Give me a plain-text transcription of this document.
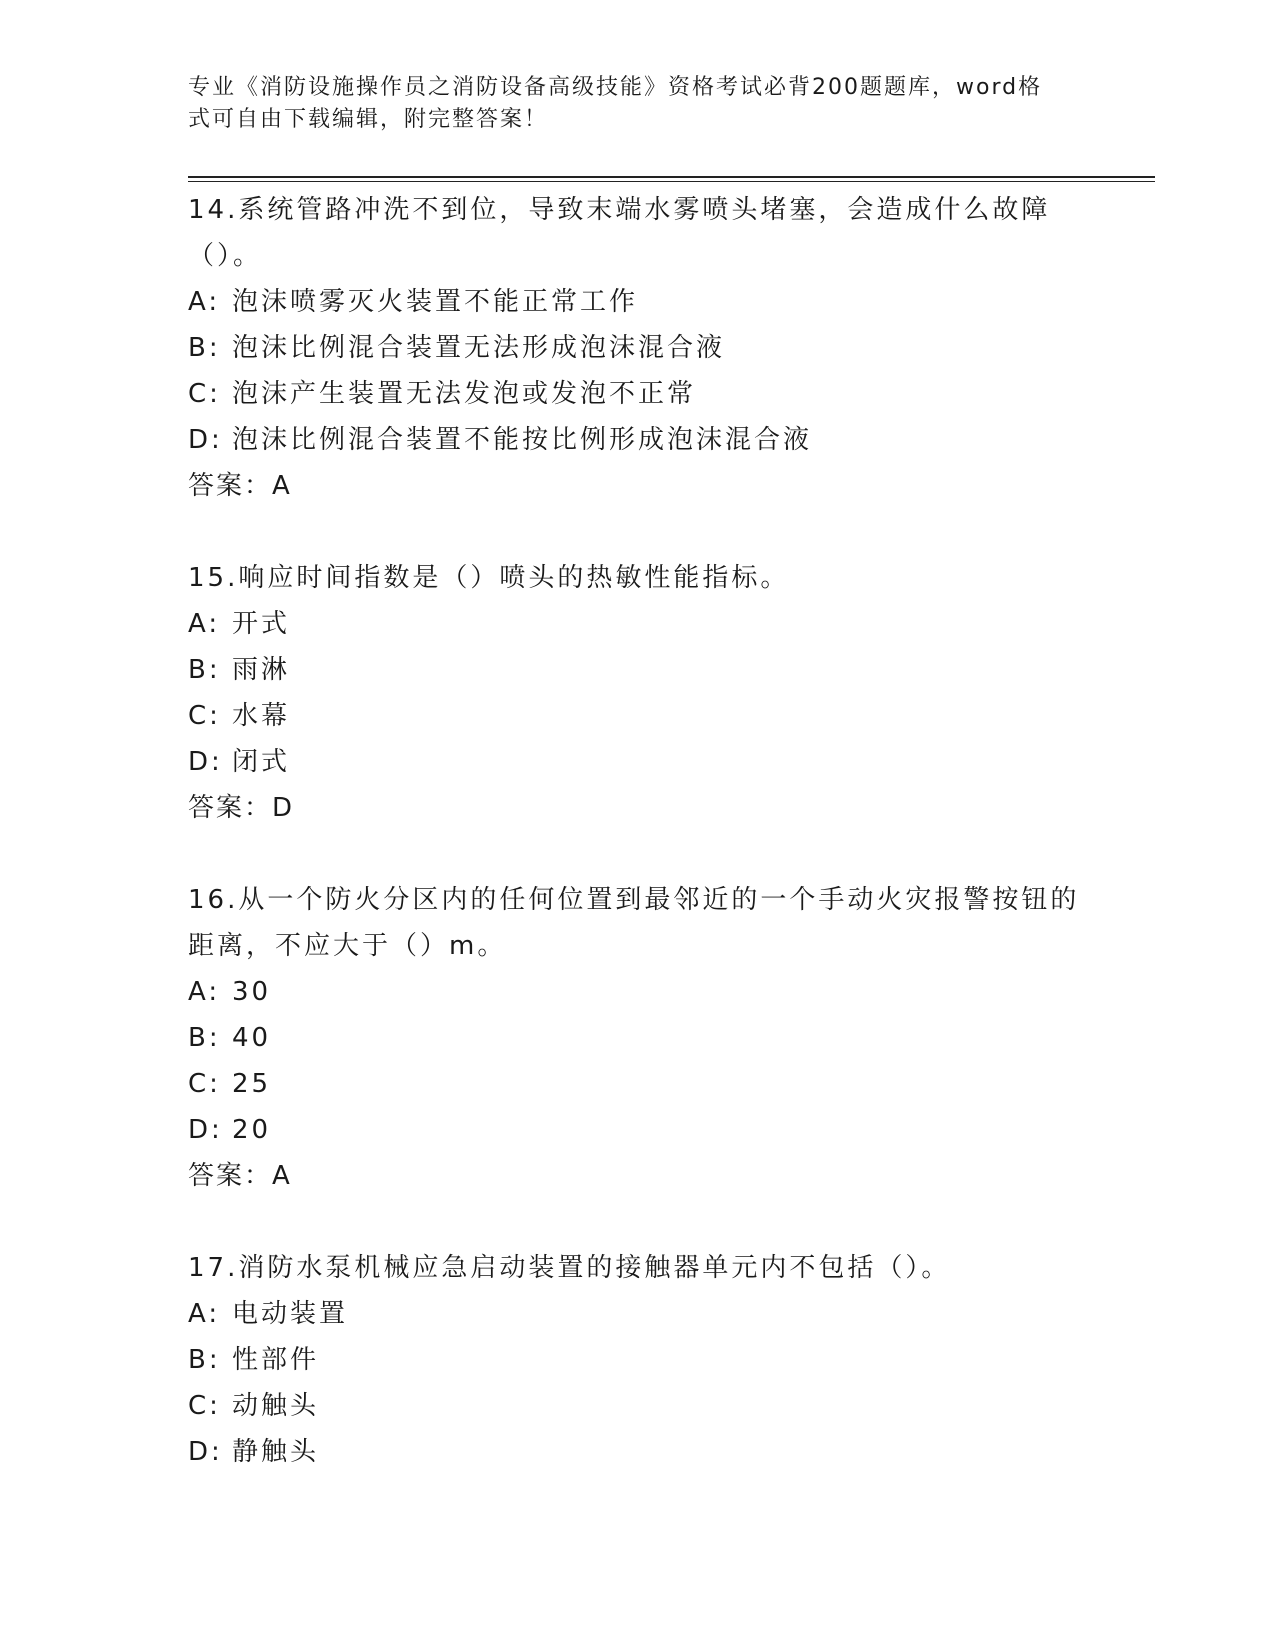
专业《消防设施操作员之消防设备高级技能》资格考试必背200题题库，word格
式可自由下载编辑，附完整答案！
14.系统管路冲洗不到位，导致末端水雾喷头堵塞，会造成什么故障（）。
A: 泡沫喷雾灭火装置不能正常工作
B: 泡沫比例混合装置无法形成泡沫混合液
C: 泡沫产生装置无法发泡或发泡不正常
D: 泡沫比例混合装置不能按比例形成泡沫混合液
答案：A
15.响应时间指数是（）喷头的热敏性能指标。
A: 开式
B: 雨淋
C: 水幕
D: 闭式
答案：D
16.从一个防火分区内的任何位置到最邻近的一个手动火灾报警按钮的距离，不应大于（）m。
A: 30
B: 40
C: 25
D: 20
答案：A
17.消防水泵机械应急启动装置的接触器单元内不包括（）。
A: 电动装置
B: 性部件
C: 动触头
D: 静触头
